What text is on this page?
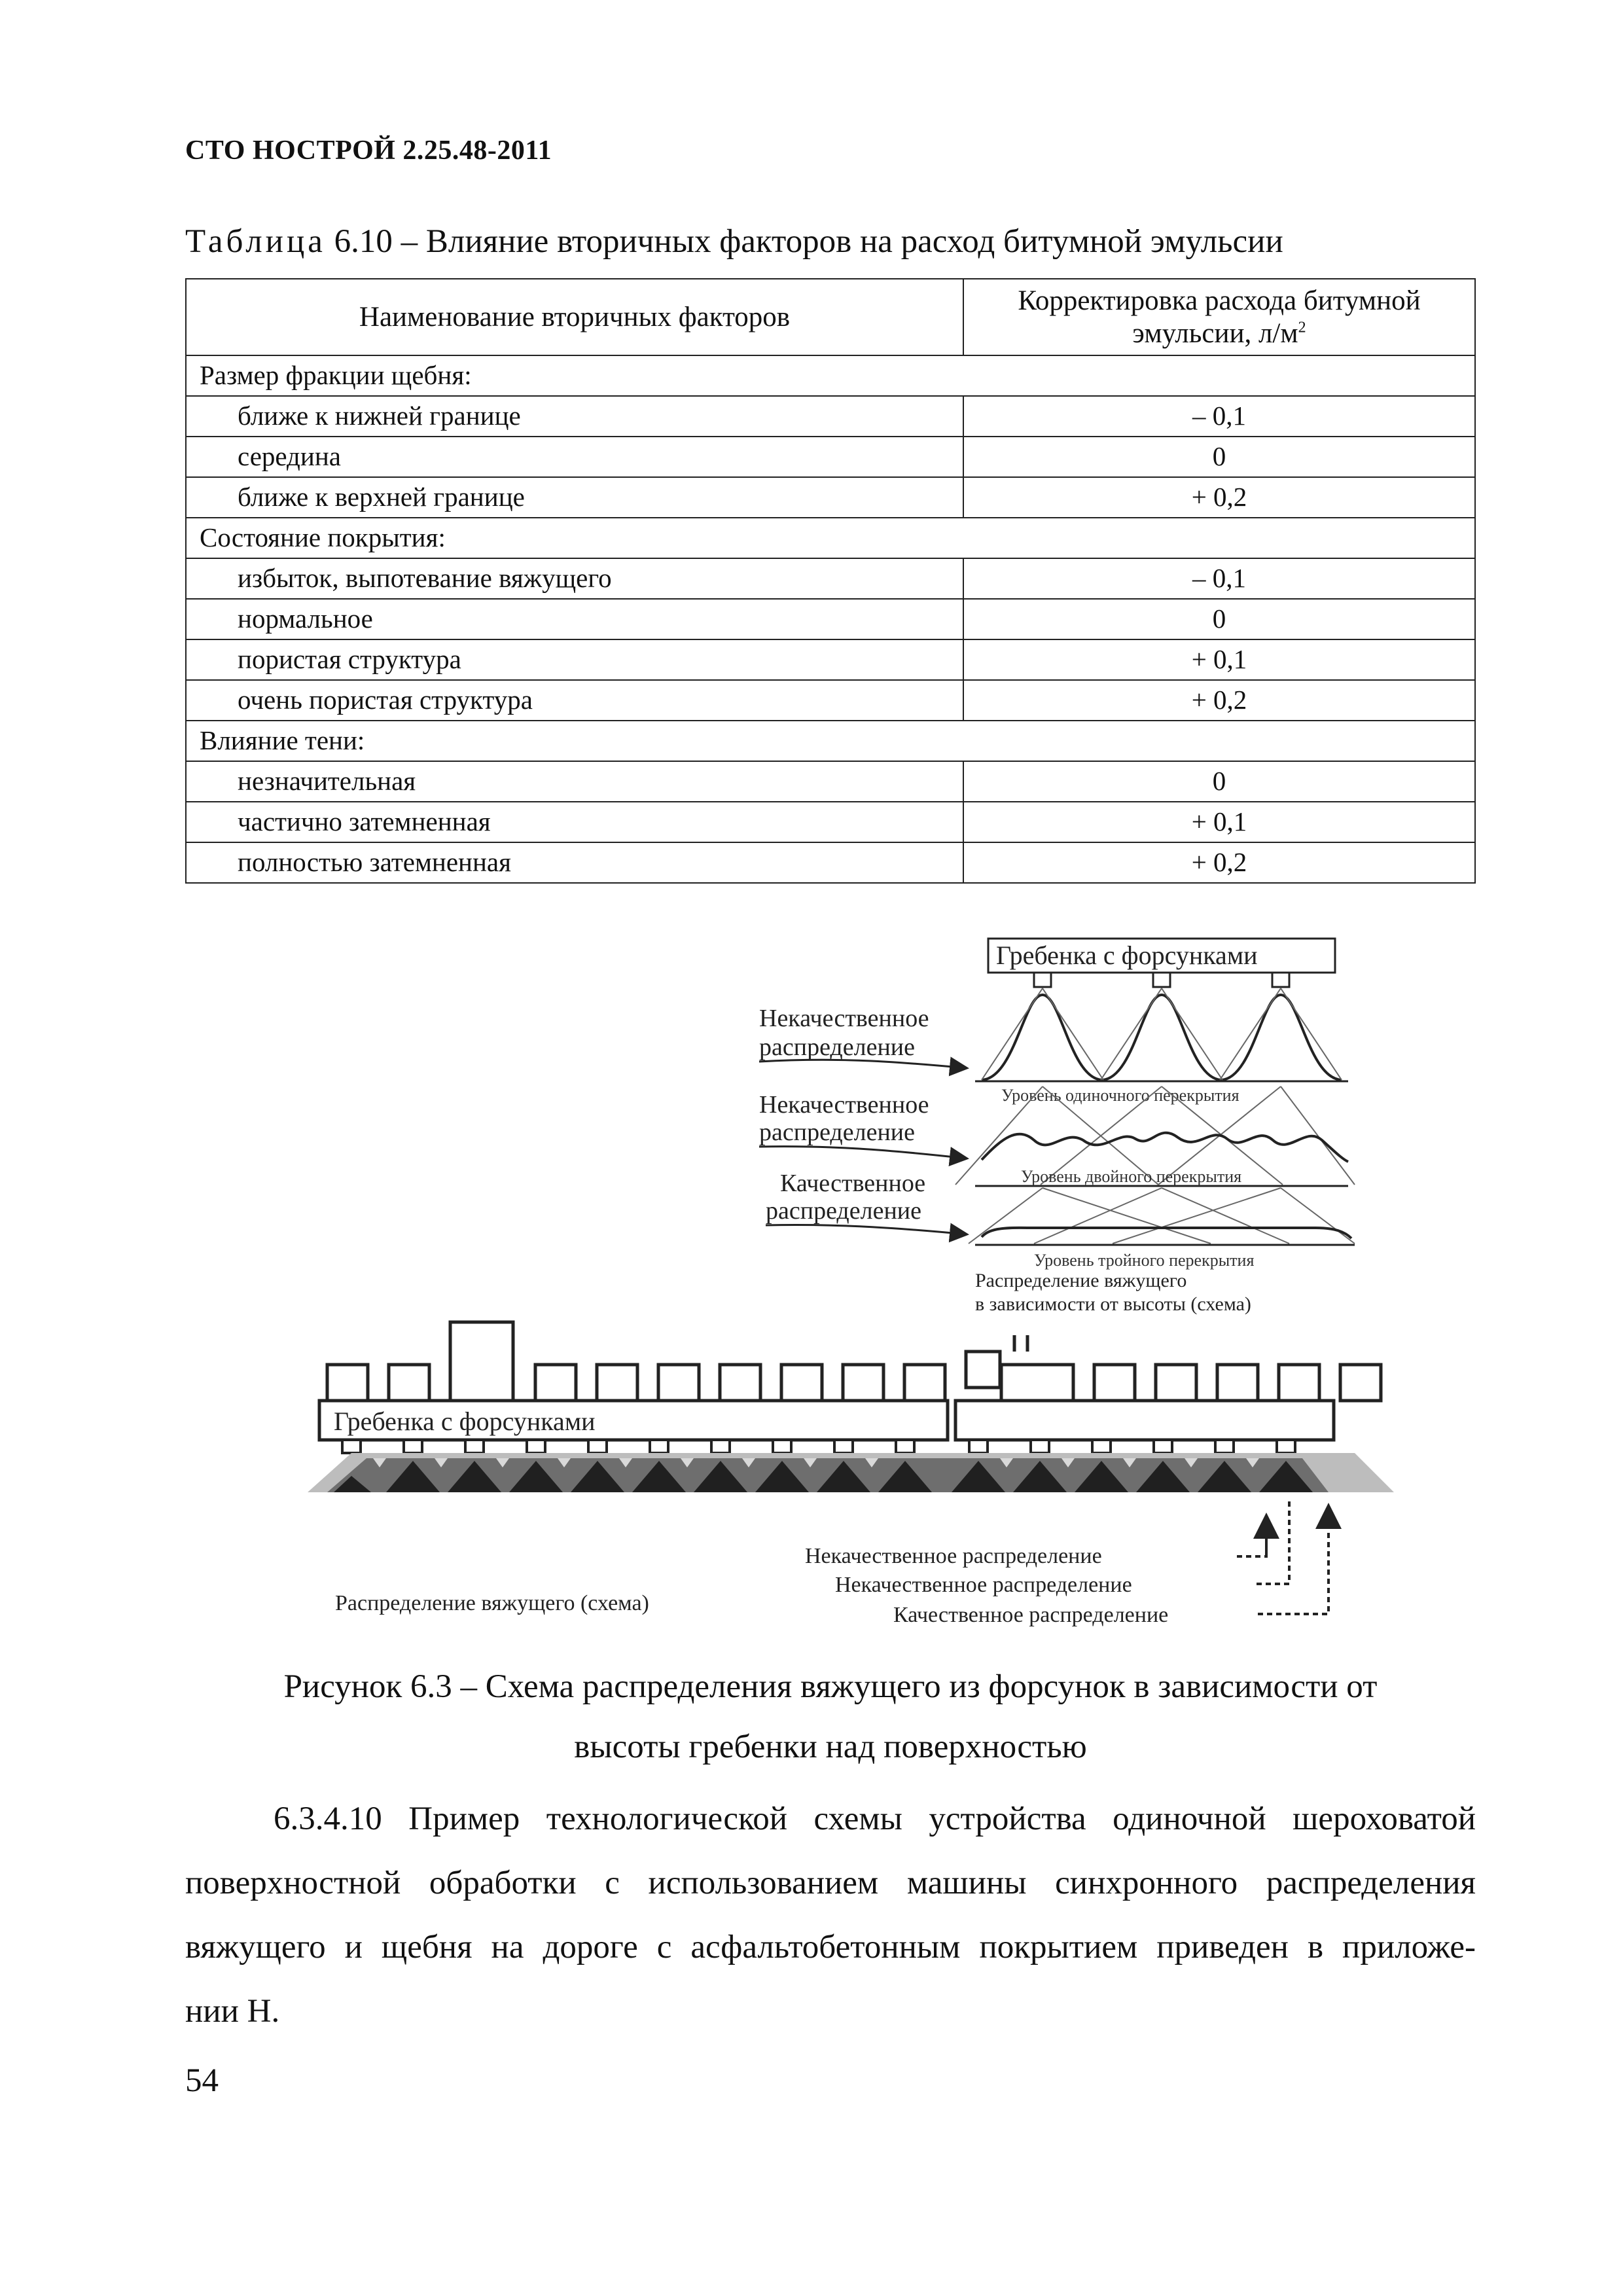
СТО НОСТРОЙ 2.25.48-2011
Таблица 6.10 – Влияние вторичных факторов на расход битумной эмульсии
Наименование вторичных факторов	Корректировка расхода битумной
эмульсии, $л/м^2$
Размер фракции щебня:	
ближе к нижней границе	– 0,1
середина	0
ближе к верхней границе	+ 0,2
Состояние покрытия:	
избыток, выпотевание вяжущего	– 0,1
нормальное	0
пористая структура	+ 0,1
очень пористая структура	+ 0,2
Влияние тени:	
незначительная	0
частично затемненная	+ 0,1
полностью затемненная	+ 0,2
Гребенка с форсунками
Уровень одиночного перекрытия
Уровень двойного перекрытия
Уровень тройного перекрытия
Некачественное
распределение
Некачественное
распределение
Качественное
распределение
Распределение вяжущего
в зависимости от высоты (схема)
Гребенка с форсунками
Некачественное распределение
Некачественное распределение
Качественное распределение
Распределение вяжущего (схема)
Рисунок 6.3 – Схема распределения вяжущего из форсунок в зависимости от
высоты гребенки над поверхностью
6.3.4.10 Пример технологической схемы устройства одиночной шероховатой
поверхностной обработки с использованием машины синхронного распределения
вяжущего и щебня на дороге с асфальтобетонным покрытием приведен в приложе-
нии Н.
54
